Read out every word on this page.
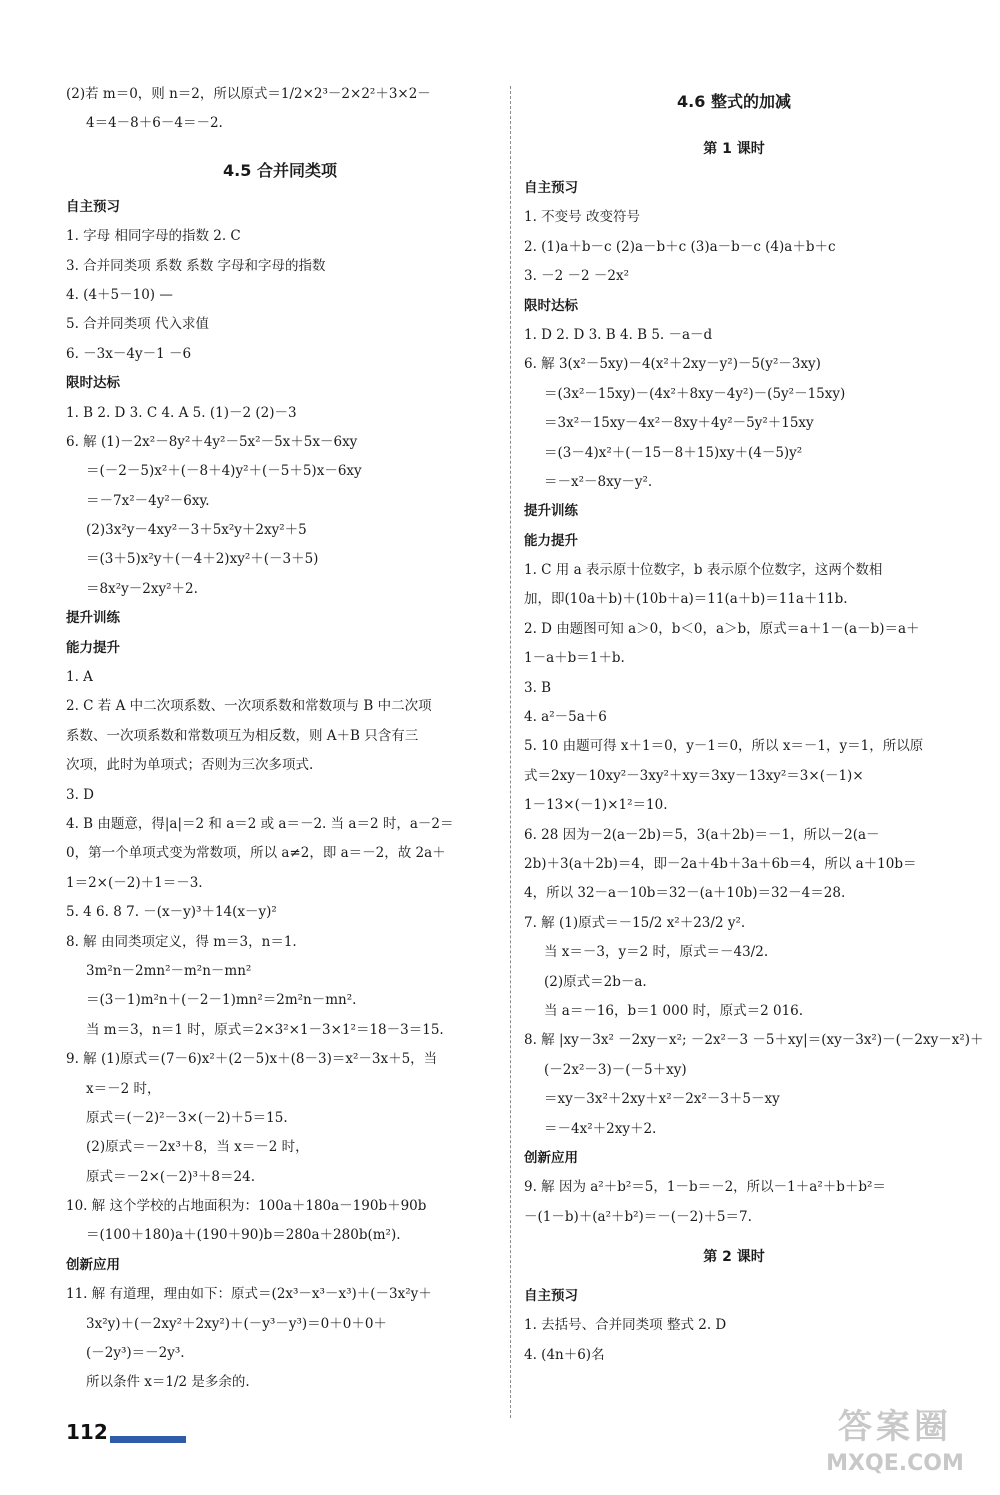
(2)若 m＝0，则 n＝2，所以原式＝1/2×2³－2×2²＋3×2－
4＝4－8＋6－4＝－2.
4.5 合并同类项
自主预习
1. 字母 相同字母的指数 2. C
3. 合并同类项 系数 系数 字母和字母的指数
4. (4＋5－10) —
5. 合并同类项 代入求值
6. －3x－4y－1 －6
限时达标
1. B 2. D 3. C 4. A 5. (1)－2 (2)－3
6. 解 (1)－2x²－8y²＋4y²－5x²－5x＋5x－6xy
＝(－2－5)x²＋(－8＋4)y²＋(－5＋5)x－6xy
＝－7x²－4y²－6xy.
(2)3x²y－4xy²－3＋5x²y＋2xy²＋5
＝(3＋5)x²y＋(－4＋2)xy²＋(－3＋5)
＝8x²y－2xy²＋2.
提升训练
能力提升
1. A
2. C 若 A 中二次项系数、一次项系数和常数项与 B 中二次项
系数、一次项系数和常数项互为相反数，则 A＋B 只含有三
次项，此时为单项式；否则为三次多项式.
3. D
4. B 由题意，得|a|＝2 和 a＝2 或 a＝－2. 当 a＝2 时，a－2＝
0，第一个单项式变为常数项，所以 a≠2，即 a＝－2，故 2a＋
1＝2×(－2)＋1＝－3.
5. 4 6. 8 7. －(x－y)³＋14(x－y)²
8. 解 由同类项定义，得 m＝3，n＝1.
3m²n－2mn²－m²n－mn²
＝(3－1)m²n＋(－2－1)mn²＝2m²n－mn².
当 m＝3，n＝1 时，原式＝2×3²×1－3×1²＝18－3＝15.
9. 解 (1)原式＝(7－6)x²＋(2－5)x＋(8－3)＝x²－3x＋5，当
x＝－2 时，
原式＝(－2)²－3×(－2)＋5＝15.
(2)原式＝－2x³＋8，当 x＝－2 时，
原式＝－2×(－2)³＋8＝24.
10. 解 这个学校的占地面积为：100a＋180a－190b＋90b
＝(100＋180)a＋(190＋90)b＝280a＋280b(m²).
创新应用
11. 解 有道理，理由如下：原式＝(2x³－x³－x³)＋(－3x²y＋
3x²y)＋(－2xy²＋2xy²)＋(－y³－y³)＝0＋0＋0＋
(－2y³)＝－2y³.
所以条件 x＝1/2 是多余的.
4.6 整式的加减
第 1 课时
自主预习
1. 不变号 改变符号
2. (1)a＋b－c (2)a－b＋c (3)a－b－c (4)a＋b＋c
3. －2 －2 －2x²
限时达标
1. D 2. D 3. B 4. B 5. －a－d
6. 解 3(x²－5xy)－4(x²＋2xy－y²)－5(y²－3xy)
＝(3x²－15xy)－(4x²＋8xy－4y²)－(5y²－15xy)
＝3x²－15xy－4x²－8xy＋4y²－5y²＋15xy
＝(3－4)x²＋(－15－8＋15)xy＋(4－5)y²
＝－x²－8xy－y².
提升训练
能力提升
1. C 用 a 表示原十位数字，b 表示原个位数字，这两个数相
加，即(10a＋b)＋(10b＋a)＝11(a＋b)＝11a＋11b.
2. D 由题图可知 a＞0，b＜0，a＞b，原式＝a＋1－(a－b)＝a＋
1－a＋b＝1＋b.
3. B
4. a²－5a＋6
5. 10 由题可得 x＋1＝0，y－1＝0，所以 x＝－1，y＝1，所以原
式＝2xy－10xy²－3xy²＋xy＝3xy－13xy²＝3×(－1)×
1－13×(－1)×1²＝10.
6. 28 因为－2(a－2b)＝5，3(a＋2b)＝－1，所以－2(a－
2b)＋3(a＋2b)＝4，即－2a＋4b＋3a＋6b＝4，所以 a＋10b＝
4，所以 32－a－10b＝32－(a＋10b)＝32－4＝28.
7. 解 (1)原式＝－15/2 x²＋23/2 y².
当 x＝－3，y＝2 时，原式＝－43/2.
(2)原式＝2b－a.
当 a＝－16，b＝1 000 时，原式＝2 016.
8. 解 |xy－3x² －2xy－x²; －2x²－3 －5＋xy|＝(xy－3x²)－(－2xy－x²)＋
(－2x²－3)－(－5＋xy)
＝xy－3x²＋2xy＋x²－2x²－3＋5－xy
＝－4x²＋2xy＋2.
创新应用
9. 解 因为 a²＋b²＝5，1－b＝－2，所以－1＋a²＋b＋b²＝
－(1－b)＋(a²＋b²)＝－(－2)＋5＝7.
第 2 课时
自主预习
1. 去括号、合并同类项 整式 2. D
4. (4n＋6)名
112	答案圈
MXQE.COM
